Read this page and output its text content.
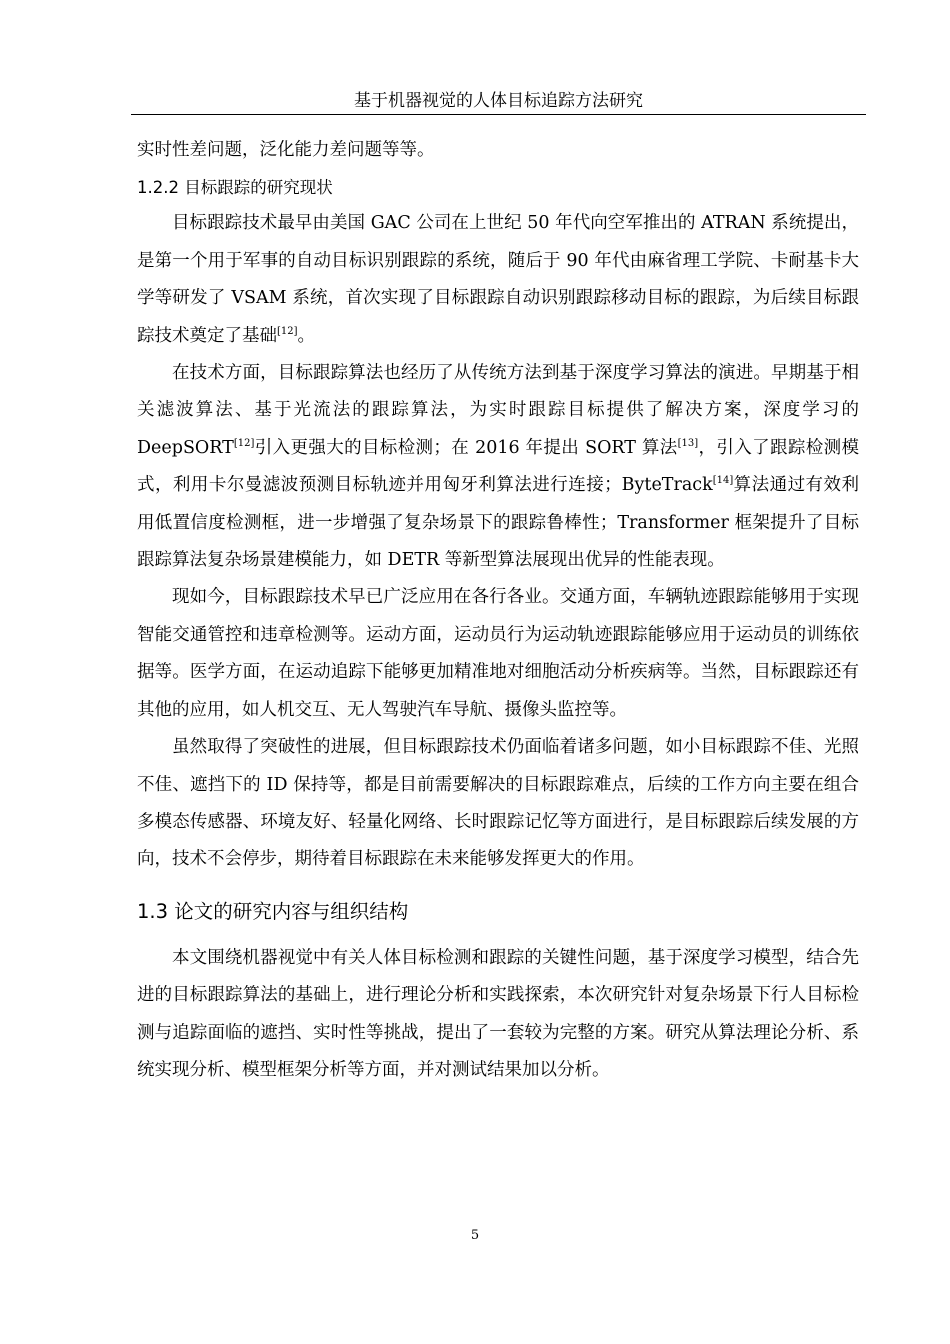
基于机器视觉的人体目标追踪方法研究

实时性差问题，泛化能力差问题等等。

1.2.2 目标跟踪的研究现状

目标跟踪技术最早由美国 GAC 公司在上世纪 50 年代向空军推出的 ATRAN 系统提出，是第一个用于军事的自动目标识别跟踪的系统，随后于 90 年代由麻省理工学院、卡耐基卡大学等研发了 VSAM 系统，首次实现了目标跟踪自动识别跟踪移动目标的跟踪，为后续目标跟踪技术奠定了基础[12]。

在技术方面，目标跟踪算法也经历了从传统方法到基于深度学习算法的演进。早期基于相关滤波算法、基于光流法的跟踪算法，为实时跟踪目标提供了解决方案，深度学习的 DeepSORT[12]引入更强大的目标检测；在 2016 年提出 SORT 算法[13]，引入了跟踪检测模式，利用卡尔曼滤波预测目标轨迹并用匈牙利算法进行连接；ByteTrack[14]算法通过有效利用低置信度检测框，进一步增强了复杂场景下的跟踪鲁棒性；Transformer 框架提升了目标跟踪算法复杂场景建模能力，如 DETR 等新型算法展现出优异的性能表现。

现如今，目标跟踪技术早已广泛应用在各行各业。交通方面，车辆轨迹跟踪能够用于实现智能交通管控和违章检测等。运动方面，运动员行为运动轨迹跟踪能够应用于运动员的训练依据等。医学方面，在运动追踪下能够更加精准地对细胞活动分析疾病等。当然，目标跟踪还有其他的应用，如人机交互、无人驾驶汽车导航、摄像头监控等。

虽然取得了突破性的进展，但目标跟踪技术仍面临着诸多问题，如小目标跟踪不佳、光照不佳、遮挡下的 ID 保持等，都是目前需要解决的目标跟踪难点，后续的工作方向主要在组合多模态传感器、环境友好、轻量化网络、长时跟踪记忆等方面进行，是目标跟踪后续发展的方向，技术不会停步，期待着目标跟踪在未来能够发挥更大的作用。

1.3 论文的研究内容与组织结构

本文围绕机器视觉中有关人体目标检测和跟踪的关键性问题，基于深度学习模型，结合先进的目标跟踪算法的基础上，进行理论分析和实践探索，本次研究针对复杂场景下行人目标检测与追踪面临的遮挡、实时性等挑战，提出了一套较为完整的方案。研究从算法理论分析、系统实现分析、模型框架分析等方面，并对测试结果加以分析。

5
